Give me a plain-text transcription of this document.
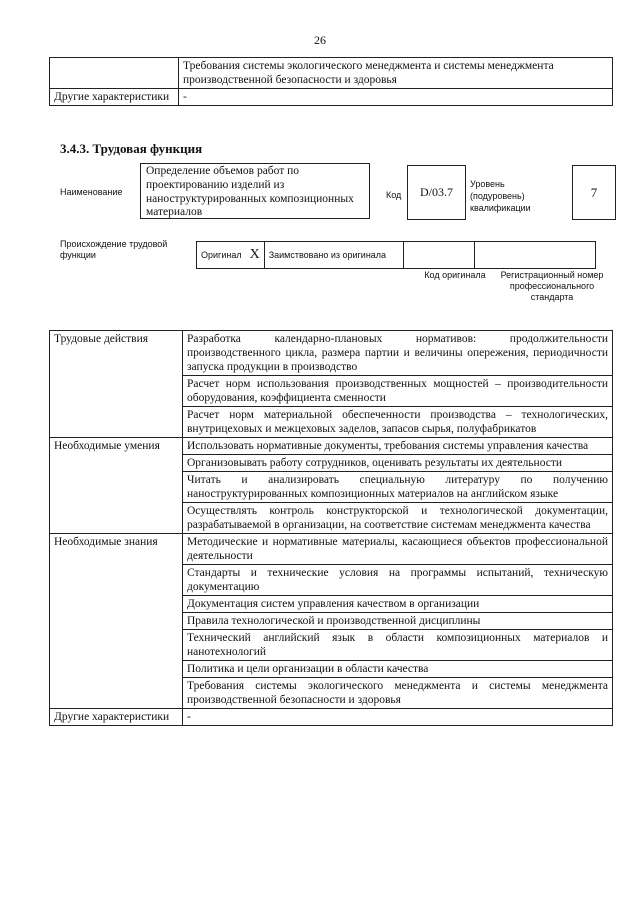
26
	Требования системы экологического менеджмента и системы менеджмента производственной безопасности и здоровья
Другие характеристики	-
3.4.3. Трудовая функция
Наименование
Определение объемов работ по проектированию изделий из наноструктурированных композиционных материалов
Код D/03.7
Уровень
(подуровень)
квалификации
7
Происхождение трудовой функции	Оригинал	X	Заимствовано из оригинала		
Код оригинала	Регистрационный номер профессионального стандарта
Трудовые действия	Разработка календарно-плановых нормативов: продолжительности производственного цикла, размера партии и величины опережения, периодичности запуска продукции в производство
	Расчет норм использования производственных мощностей – производительности оборудования, коэффициента сменности
	Расчет норм материальной обеспеченности производства – технологических, внутрицеховых и межцеховых заделов, запасов сырья, полуфабрикатов
Необходимые умения	Использовать нормативные документы, требования системы управления качества
	Организовывать работу сотрудников, оценивать результаты их деятельности
	Читать и анализировать специальную литературу по получению наноструктурированных композиционных материалов на английском языке
	Осуществлять контроль конструкторской и технологической документации, разрабатываемой в организации, на соответствие системам менеджмента качества
Необходимые знания	Методические и нормативные материалы, касающиеся объектов профессиональной деятельности
	Стандарты и технические условия на программы испытаний, техническую документацию
	Документация систем управления качеством в организации
	Правила технологической и производственной дисциплины
	Технический английский язык в области композиционных материалов и нанотехнологий
	Политика и цели организации в области качества
	Требования системы экологического менеджмента и системы менеджмента производственной безопасности и здоровья
Другие характеристики	-
